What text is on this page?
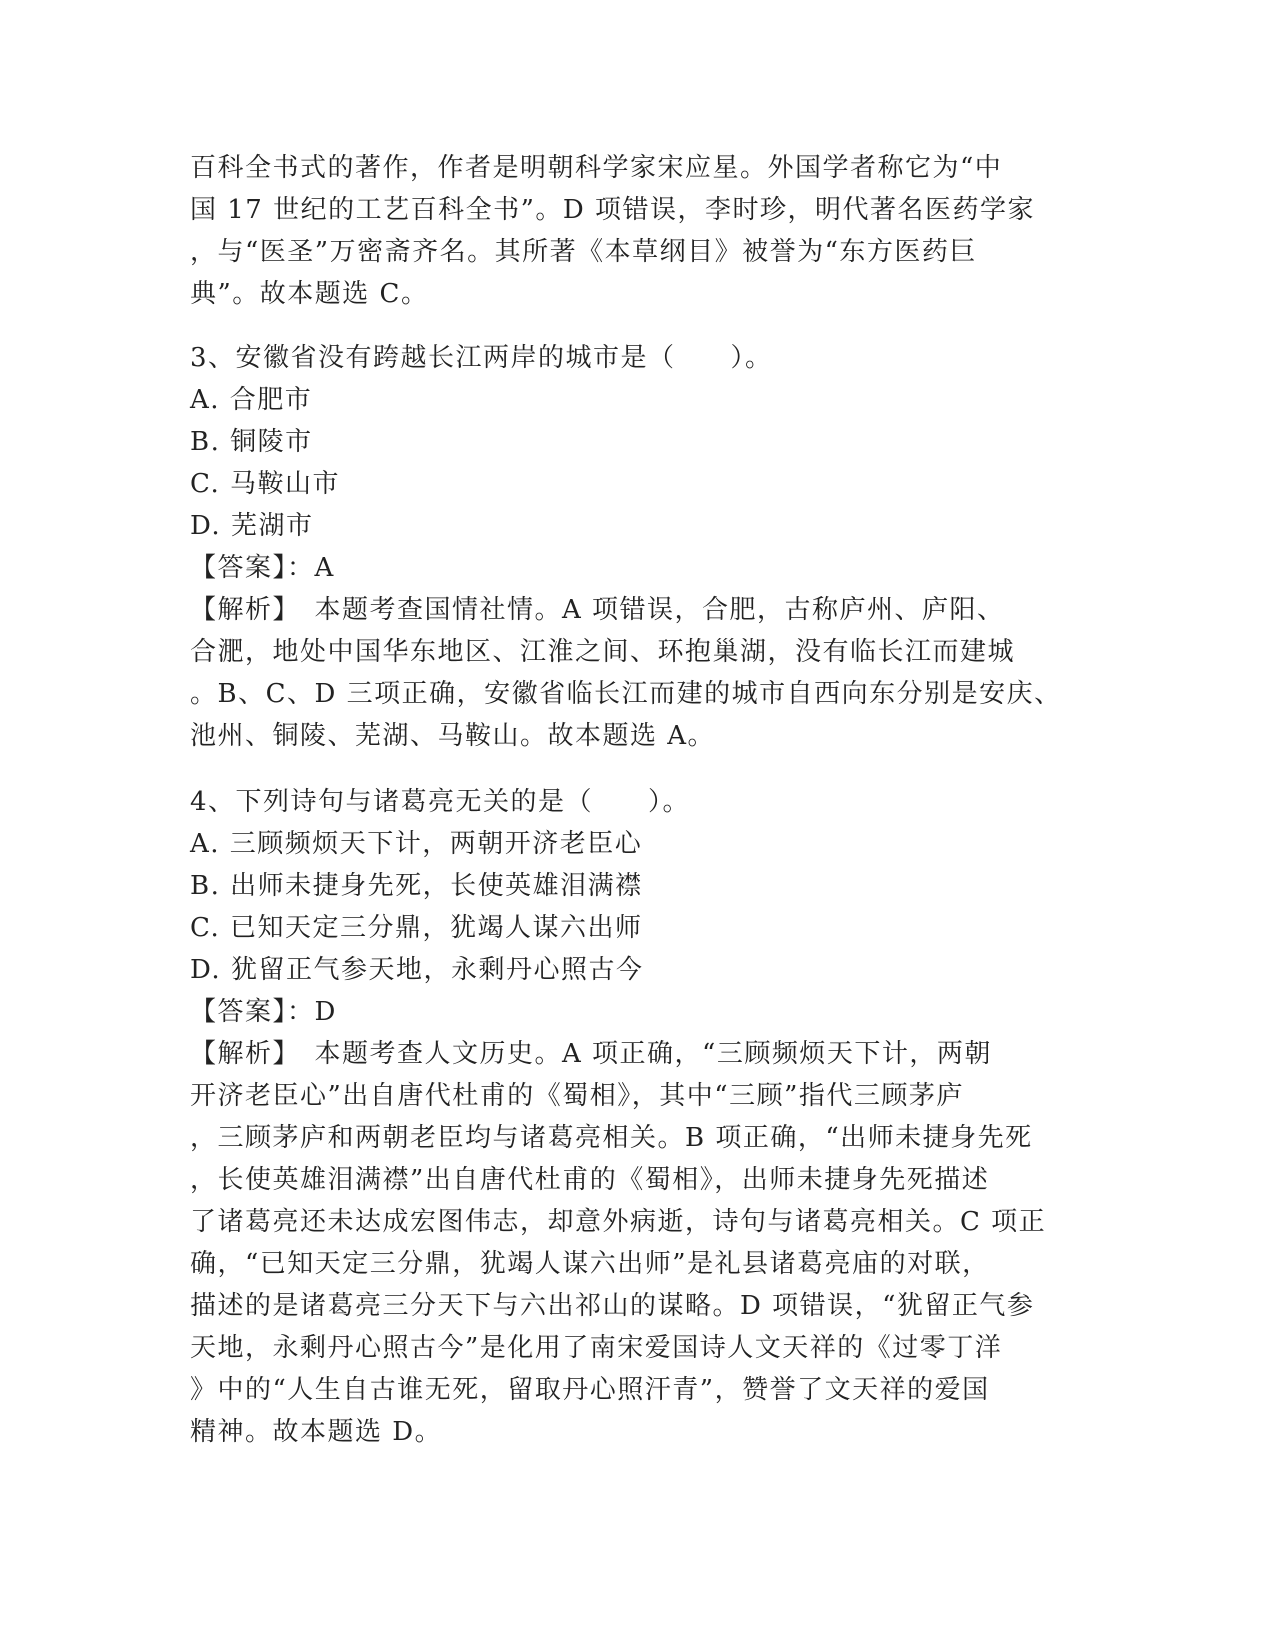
百科全书式的著作，作者是明朝科学家宋应星。外国学者称它为“中
国 17 世纪的工艺百科全书”。D 项错误，李时珍，明代著名医药学家
，与“医圣”万密斋齐名。其所著《本草纲目》被誉为“东方医药巨
典”。故本题选 C。
3、安徽省没有跨越长江两岸的城市是（　　）。
A. 合肥市
B. 铜陵市
C. 马鞍山市
D. 芜湖市
【答案】：A
【解析】　本题考查国情社情。A 项错误，合肥，古称庐州、庐阳、
合淝，地处中国华东地区、江淮之间、环抱巢湖，没有临长江而建城
。B、C、D 三项正确，安徽省临长江而建的城市自西向东分别是安庆、
池州、铜陵、芜湖、马鞍山。故本题选 A。
4、下列诗句与诸葛亮无关的是（　　）。
A. 三顾频烦天下计，两朝开济老臣心
B. 出师未捷身先死，长使英雄泪满襟
C. 已知天定三分鼎，犹竭人谋六出师
D. 犹留正气参天地，永剩丹心照古今
【答案】：D
【解析】　本题考查人文历史。A 项正确，“三顾频烦天下计，两朝
开济老臣心”出自唐代杜甫的《蜀相》，其中“三顾”指代三顾茅庐
，三顾茅庐和两朝老臣均与诸葛亮相关。B 项正确，“出师未捷身先死
，长使英雄泪满襟”出自唐代杜甫的《蜀相》，出师未捷身先死描述
了诸葛亮还未达成宏图伟志，却意外病逝，诗句与诸葛亮相关。C 项正
确，“已知天定三分鼎，犹竭人谋六出师”是礼县诸葛亮庙的对联，
描述的是诸葛亮三分天下与六出祁山的谋略。D 项错误，“犹留正气参
天地，永剩丹心照古今”是化用了南宋爱国诗人文天祥的《过零丁洋
》中的“人生自古谁无死，留取丹心照汗青”，赞誉了文天祥的爱国
精神。故本题选 D。
